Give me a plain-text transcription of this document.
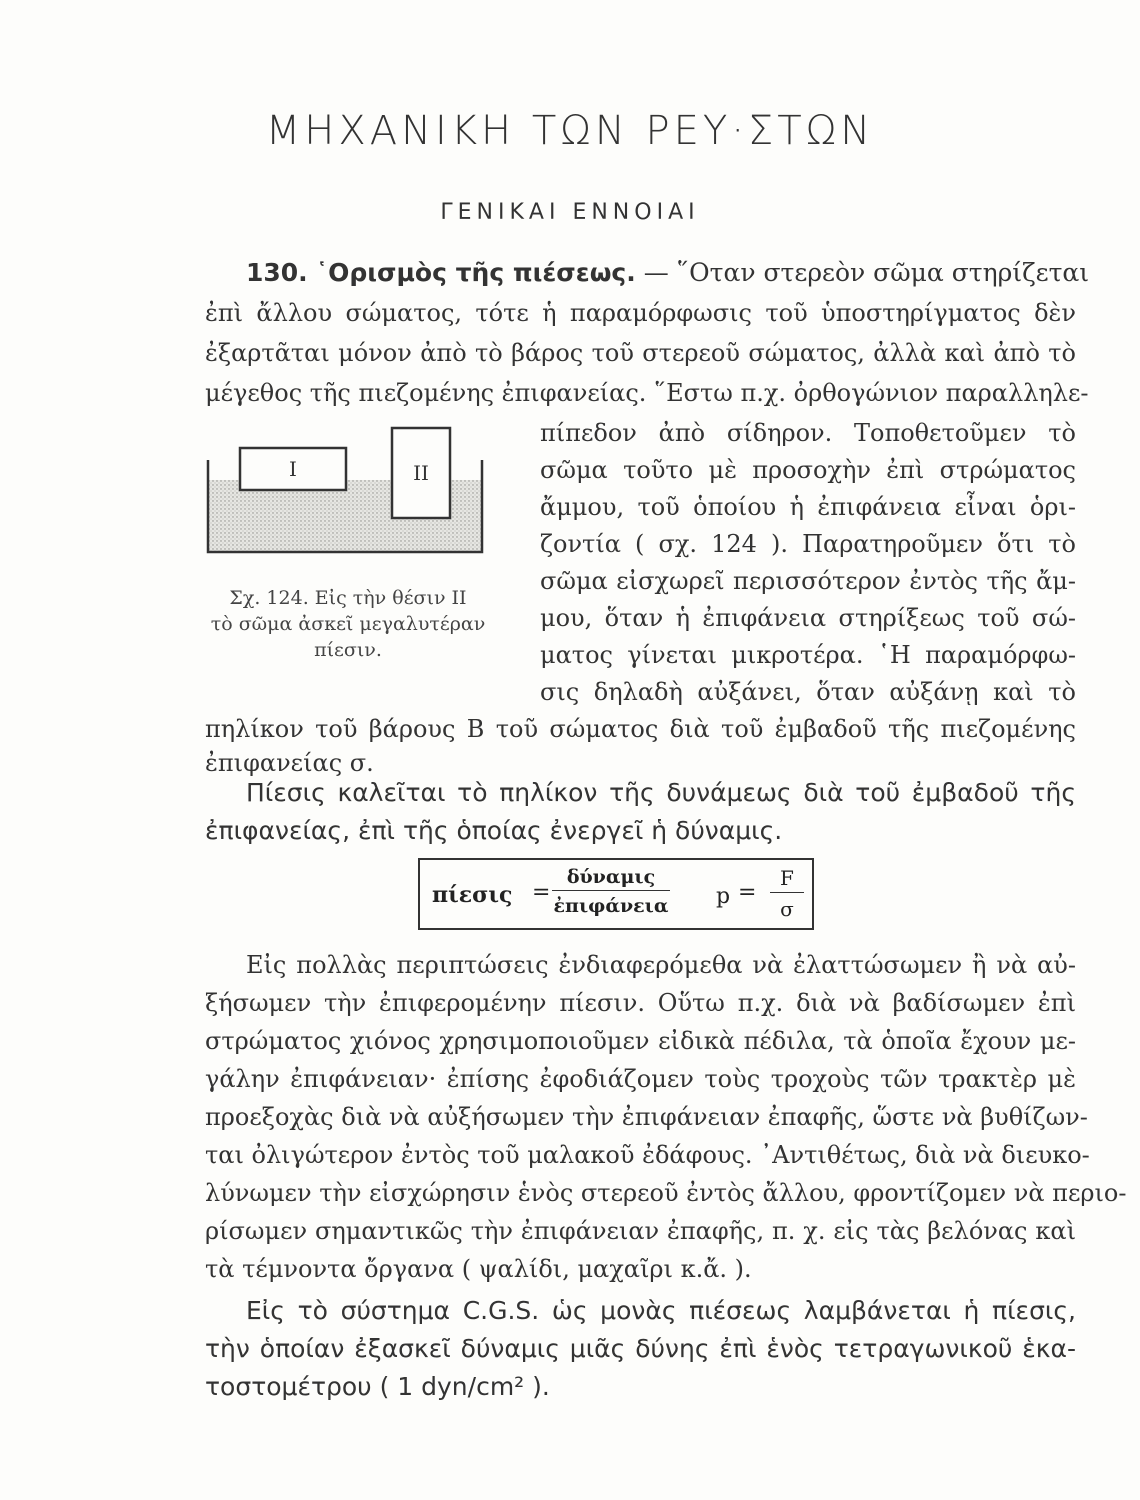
ΜΗΧΑΝΙΚΗ ΤΩΝ ΡΕΥ·ΣΤΩΝ
ΓΕΝΙΚΑΙ ΕΝΝΟΙΑΙ
130. ῾Ορισμὸς τῆς πιέσεως. — ῞Οταν στερεὸν σῶμα στηρίζεται
ἐπὶ ἄλλου σώματος, τότε ἡ παραμόρφωσις τοῦ ὑποστηρίγματος δὲν
ἐξαρτᾶται μόνον ἀπὸ τὸ βάρος τοῦ στερεοῦ σώματος, ἀλλὰ καὶ ἀπὸ τὸ
μέγεθος τῆς πιεζομένης ἐπιφανείας. ῞Εστω π.χ. ὀρθογώνιον παραλληλε-
πίπεδον ἀπὸ σίδηρον. Τοποθετοῦμεν τὸ
σῶμα τοῦτο μὲ προσοχὴν ἐπὶ στρώματος
ἄμμου, τοῦ ὁποίου ἡ ἐπιφάνεια εἶναι ὁρι-
ζοντία ( σχ. 124 ). Παρατηροῦμεν ὅτι τὸ
σῶμα εἰσχωρεῖ περισσότερον ἐντὸς τῆς ἄμ-
μου, ὅταν ἡ ἐπιφάνεια στηρίξεως τοῦ σώ-
ματος γίνεται μικροτέρα. ῾Η παραμόρφω-
σις δηλαδὴ αὐξάνει, ὅταν αὐξάνῃ καὶ τὸ
I	II
Σχ. 124. Εἰς τὴν θέσιν ΙΙ
τὸ σῶμα ἀσκεῖ μεγαλυτέραν
πίεσιν.
πηλίκον τοῦ βάρους Β τοῦ σώματος διὰ τοῦ ἐμβαδοῦ τῆς πιεζομένης
ἐπιφανείας σ.
Πίεσις καλεῖται τὸ πηλίκον τῆς δυνάμεως διὰ τοῦ ἐμβαδοῦ τῆς
ἐπιφανείας, ἐπὶ τῆς ὁποίας ἐνεργεῖ ἡ δύναμις.
πίεσις =
δύναμις
ἐπιφάνεια $p = \frac{F}{\sigma}$
Εἰς πολλὰς περιπτώσεις ἐνδιαφερόμεθα νὰ ἐλαττώσωμεν ἢ νὰ αὐ-
ξήσωμεν τὴν ἐπιφερομένην πίεσιν. Οὕτω π.χ. διὰ νὰ βαδίσωμεν ἐπὶ
στρώματος χιόνος χρησιμοποιοῦμεν εἰδικὰ πέδιλα, τὰ ὁποῖα ἔχουν με-
γάλην ἐπιφάνειαν· ἐπίσης ἐφοδιάζομεν τοὺς τροχοὺς τῶν τρακτὲρ μὲ
προεξοχὰς διὰ νὰ αὐξήσωμεν τὴν ἐπιφάνειαν ἐπαφῆς, ὥστε νὰ βυθίζων-
ται ὀλιγώτερον ἐντὸς τοῦ μαλακοῦ ἐδάφους. ᾿Αντιθέτως, διὰ νὰ διευκο-
λύνωμεν τὴν εἰσχώρησιν ἑνὸς στερεοῦ ἐντὸς ἄλλου, φροντίζομεν νὰ περιο-
ρίσωμεν σημαντικῶς τὴν ἐπιφάνειαν ἐπαφῆς, π. χ. εἰς τὰς βελόνας καὶ
τὰ τέμνοντα ὄργανα ( ψαλίδι, μαχαῖρι κ.ἄ. ).
Εἰς τὸ σύστημα C.G.S. ὡς μονὰς πιέσεως λαμβάνεται ἡ πίεσις,
τὴν ὁποίαν ἐξασκεῖ δύναμις μιᾶς δύνης ἐπὶ ἑνὸς τετραγωνικοῦ ἑκα-
τοστομέτρου ( 1 dyn/cm² ).
